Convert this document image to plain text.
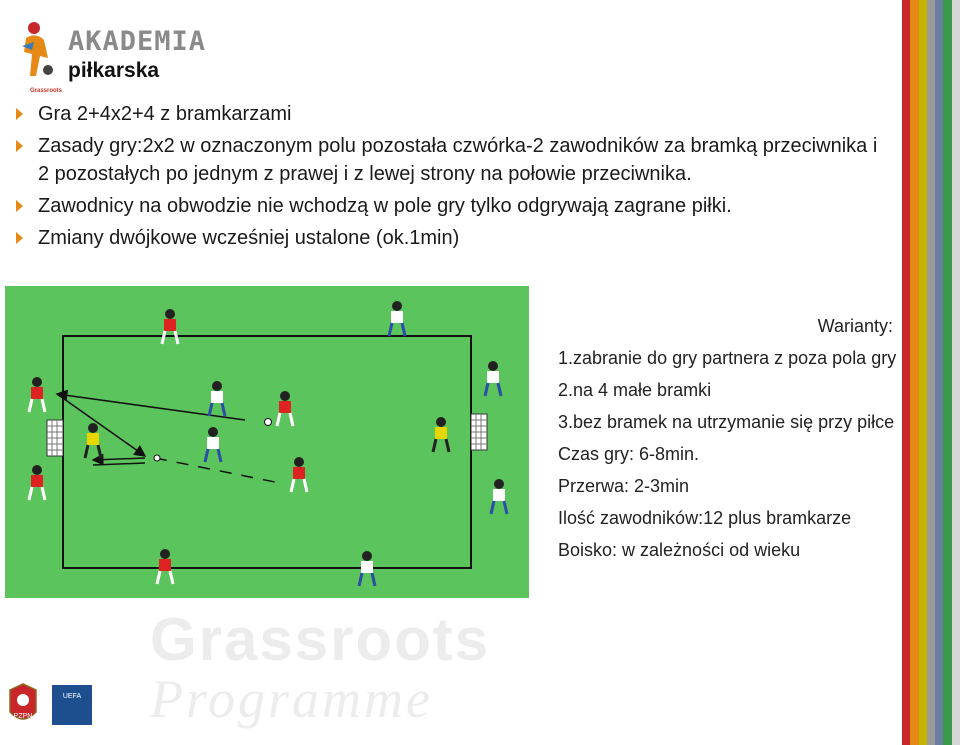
Grassroots
AKADEMIA
piłkarska
Gra 2+4x2+4 z bramkarzami
Zasady gry:2x2 w oznaczonym polu pozostała czwórka-2 zawodników za bramką przeciwnika i 2 pozostałych po jednym z prawej i z lewej strony na połowie przeciwnika.
Zawodnicy na obwodzie nie wchodzą w pole gry tylko odgrywają zagrane piłki.
Zmiany dwójkowe wcześniej ustalone (ok.1min)
Warianty:
1.zabranie do gry partnera z poza pola gry
2.na 4 małe bramki
3.bez bramek na utrzymanie się przy piłce
Czas gry: 6-8min.
Przerwa: 2-3min
Ilość zawodników:12 plus bramkarze
Boisko: w zależności od wieku
Grassroots
Programme
PZPN
UEFA
